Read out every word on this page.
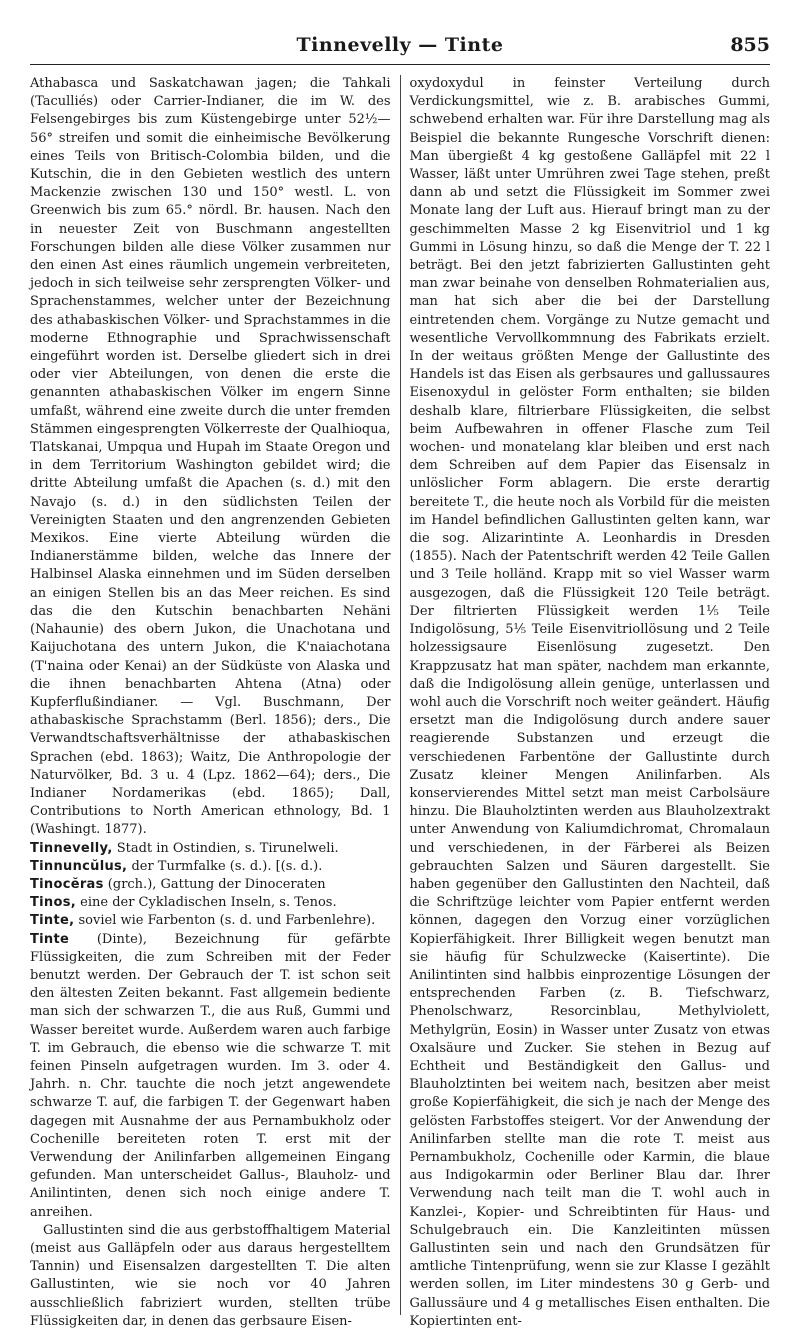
Tinnevelly — Tinte	855

Athabasca und Saskatchawan jagen; die Tahkali (Taculliés) oder Carrier-Indianer, die im W. des Felsengebirges bis zum Küstengebirge unter 52½—56° streifen und somit die einheimische Bevölkerung eines Teils von Britisch-Colombia bilden, und die Kutschin, die in den Gebieten westlich des untern Mackenzie zwischen 130 und 150° westl. L. von Greenwich bis zum 65.° nördl. Br. hausen. Nach den in neuester Zeit von Buschmann angestellten Forschungen bilden alle diese Völker zusammen nur den einen Ast eines räumlich ungemein verbreiteten, jedoch in sich teilweise sehr zersprengten Völker- und Sprachenstammes, welcher unter der Bezeichnung des athabaskischen Völker- und Sprachstammes in die moderne Ethnographie und Sprachwissenschaft eingeführt worden ist. Derselbe gliedert sich in drei oder vier Abteilungen, von denen die erste die genannten athabaskischen Völker im engern Sinne umfaßt, während eine zweite durch die unter fremden Stämmen eingesprengten Völkerreste der Qualhioqua, Tlatskanai, Umpqua und Hupah im Staate Oregon und in dem Territorium Washington gebildet wird; die dritte Abteilung umfaßt die Apachen (s. d.) mit den Navajo (s. d.) in den südlichsten Teilen der Vereinigten Staaten und den angrenzenden Gebieten Mexikos. Eine vierte Abteilung würden die Indianerstämme bilden, welche das Innere der Halbinsel Alaska einnehmen und im Süden derselben an einigen Stellen bis an das Meer reichen. Es sind das die den Kutschin benachbarten Nehäni (Nahaunie) des obern Jukon, die Unachotana und Kaijuchotana des untern Jukon, die K'naiachotana (T'naina oder Kenai) an der Südküste von Alaska und die ihnen benachbarten Ahtena (Atna) oder Kupferflußindianer. — Vgl. Buschmann, Der athabaskische Sprachstamm (Berl. 1856); ders., Die Verwandtschaftsverhältnisse der athabaskischen Sprachen (ebd. 1863); Waitz, Die Anthropologie der Naturvölker, Bd. 3 u. 4 (Lpz. 1862—64); ders., Die Indianer Nordamerikas (ebd. 1865); Dall, Contributions to North American ethnology, Bd. 1 (Washingt. 1877).

Tinnevelly, Stadt in Ostindien, s. Tirunelweli.

Tinnuncŭlus, der Turmfalke (s. d.). [(s. d.).

Tinocĕras (grch.), Gattung der Dinoceraten

Tinos, eine der Cykladischen Inseln, s. Tenos.

Tinte, soviel wie Farbenton (s. d. und Farbenlehre).

Tinte (Dinte), Bezeichnung für gefärbte Flüssigkeiten, die zum Schreiben mit der Feder benutzt werden. Der Gebrauch der T. ist schon seit den ältesten Zeiten bekannt. Fast allgemein bediente man sich der schwarzen T., die aus Ruß, Gummi und Wasser bereitet wurde. Außerdem waren auch farbige T. im Gebrauch, die ebenso wie die schwarze T. mit feinen Pinseln aufgetragen wurden. Im 3. oder 4. Jahrh. n. Chr. tauchte die noch jetzt angewendete schwarze T. auf, die farbigen T. der Gegenwart haben dagegen mit Ausnahme der aus Pernambukholz oder Cochenille bereiteten roten T. erst mit der Verwendung der Anilinfarben allgemeinen Eingang gefunden. Man unterscheidet Gallus-, Blauholz- und Anilintinten, denen sich noch einige andere T. anreihen.

Gallustinten sind die aus gerbstoffhaltigem Material (meist aus Galläpfeln oder aus daraus hergestelltem Tannin) und Eisensalzen dargestellten T. Die alten Gallustinten, wie sie noch vor 40 Jahren ausschließlich fabriziert wurden, stellten trübe Flüssigkeiten dar, in denen das gerbsaure Eisen-

oxydoxydul in feinster Verteilung durch Verdickungsmittel, wie z. B. arabisches Gummi, schwebend erhalten war. Für ihre Darstellung mag als Beispiel die bekannte Rungesche Vorschrift dienen: Man übergießt 4 kg gestoßene Galläpfel mit 22 l Wasser, läßt unter Umrühren zwei Tage stehen, preßt dann ab und setzt die Flüssigkeit im Sommer zwei Monate lang der Luft aus. Hierauf bringt man zu der geschimmelten Masse 2 kg Eisenvitriol und 1 kg Gummi in Lösung hinzu, so daß die Menge der T. 22 l beträgt. Bei den jetzt fabrizierten Gallustinten geht man zwar beinahe von denselben Rohmaterialien aus, man hat sich aber die bei der Darstellung eintretenden chem. Vorgänge zu Nutze gemacht und wesentliche Vervollkommnung des Fabrikats erzielt. In der weitaus größten Menge der Gallustinte des Handels ist das Eisen als gerbsaures und gallussaures Eisenoxydul in gelöster Form enthalten; sie bilden deshalb klare, filtrierbare Flüssigkeiten, die selbst beim Aufbewahren in offener Flasche zum Teil wochen- und monatelang klar bleiben und erst nach dem Schreiben auf dem Papier das Eisensalz in unlöslicher Form ablagern. Die erste derartig bereitete T., die heute noch als Vorbild für die meisten im Handel befindlichen Gallustinten gelten kann, war die sog. Alizarintinte A. Leonhardis in Dresden (1855). Nach der Patentschrift werden 42 Teile Gallen und 3 Teile holländ. Krapp mit so viel Wasser warm ausgezogen, daß die Flüssigkeit 120 Teile beträgt. Der filtrierten Flüssigkeit werden 1⅕ Teile Indigolösung, 5⅕ Teile Eisenvitriollösung und 2 Teile holzessigsaure Eisenlösung zugesetzt. Den Krappzusatz hat man später, nachdem man erkannte, daß die Indigolösung allein genüge, unterlassen und wohl auch die Vorschrift noch weiter geändert. Häufig ersetzt man die Indigolösung durch andere sauer reagierende Substanzen und erzeugt die verschiedenen Farbentöne der Gallustinte durch Zusatz kleiner Mengen Anilinfarben. Als konservierendes Mittel setzt man meist Carbolsäure hinzu. Die Blauholztinten werden aus Blauholzextrakt unter Anwendung von Kaliumdichromat, Chromalaun und verschiedenen, in der Färberei als Beizen gebrauchten Salzen und Säuren dargestellt. Sie haben gegenüber den Gallustinten den Nachteil, daß die Schriftzüge leichter vom Papier entfernt werden können, dagegen den Vorzug einer vorzüglichen Kopierfähigkeit. Ihrer Billigkeit wegen benutzt man sie häufig für Schulzwecke (Kaisertinte). Die Anilintinten sind halbbis einprozentige Lösungen der entsprechenden Farben (z. B. Tiefschwarz, Phenolschwarz, Resorcinblau, Methylviolett, Methylgrün, Eosin) in Wasser unter Zusatz von etwas Oxalsäure und Zucker. Sie stehen in Bezug auf Echtheit und Beständigkeit den Gallus- und Blauholztinten bei weitem nach, besitzen aber meist große Kopierfähigkeit, die sich je nach der Menge des gelösten Farbstoffes steigert. Vor der Anwendung der Anilinfarben stellte man die rote T. meist aus Pernambukholz, Cochenille oder Karmin, die blaue aus Indigokarmin oder Berliner Blau dar. Ihrer Verwendung nach teilt man die T. wohl auch in Kanzlei-, Kopier- und Schreibtinten für Haus- und Schulgebrauch ein. Die Kanzleitinten müssen Gallustinten sein und nach den Grundsätzen für amtliche Tintenprüfung, wenn sie zur Klasse I gezählt werden sollen, im Liter mindestens 30 g Gerb- und Gallussäure und 4 g metallisches Eisen enthalten. Die Kopiertinten ent-
